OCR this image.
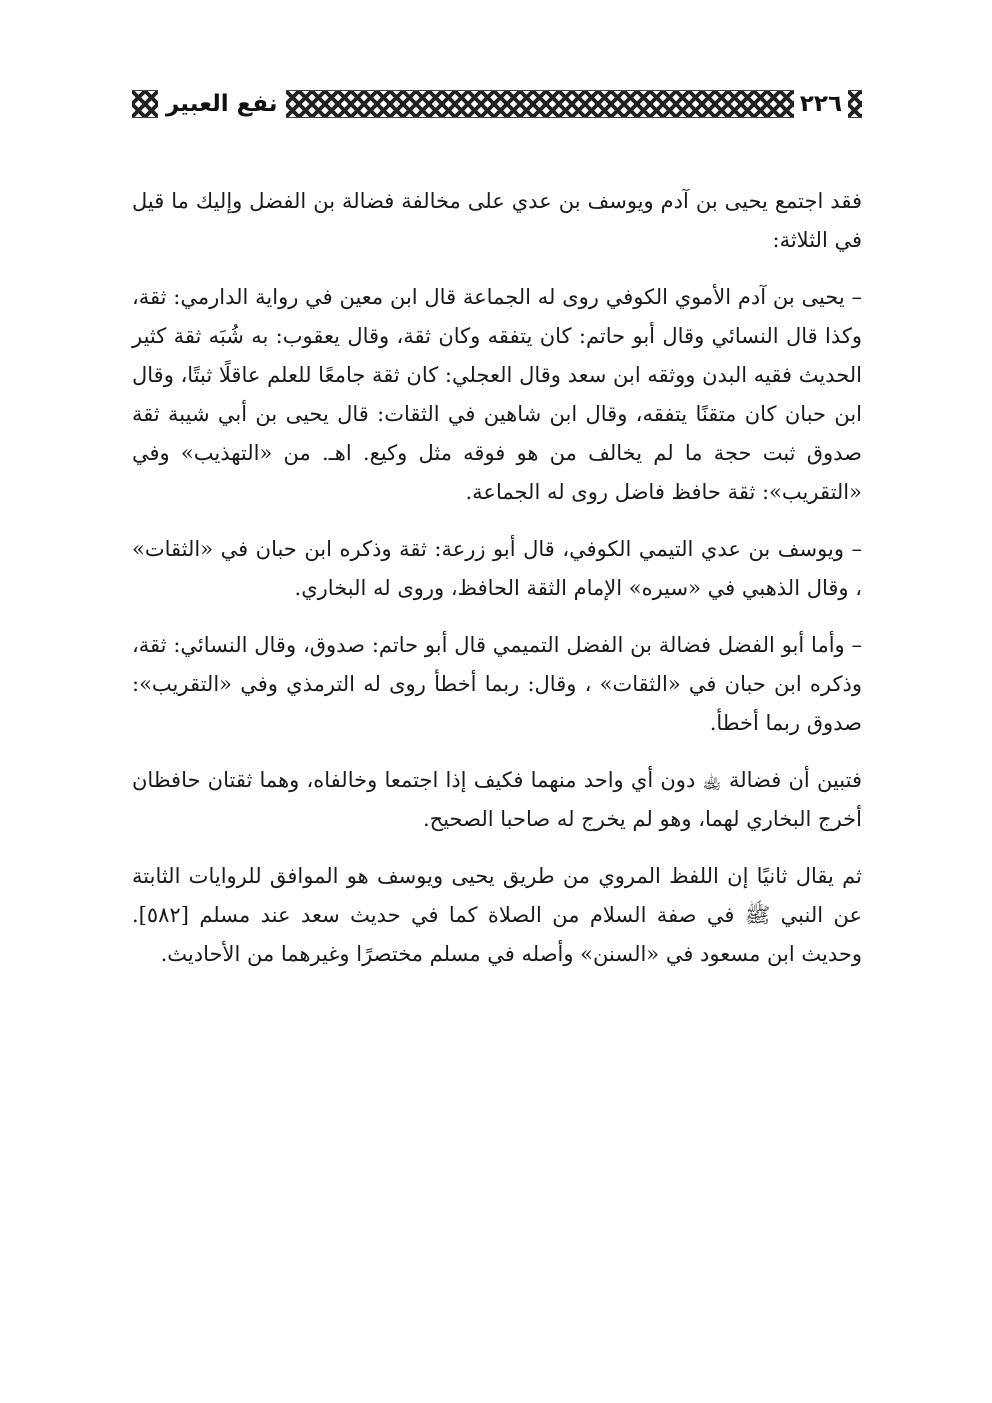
٢٢٦
نفع العبير

فقد اجتمع يحيى بن آدم ويوسف بن عدي على مخالفة فضالة بن الفضل وإليك ما قيل في الثلاثة:

– يحيى بن آدم الأموي الكوفي روى له الجماعة قال ابن معين في رواية الدارمي: ثقة، وكذا قال النسائي وقال أبو حاتم: كان يتفقه وكان ثقة، وقال يعقوب: به شُبَه ثقة كثير الحديث فقيه البدن ووثقه ابن سعد وقال العجلي: كان ثقة جامعًا للعلم عاقلًا ثبتًا، وقال ابن حبان كان متقنًا يتفقه، وقال ابن شاهين في الثقات: قال يحيى بن أبي شيبة ثقة صدوق ثبت حجة ما لم يخالف من هو فوقه مثل وكيع. اهـ. من «التهذيب» وفي «التقريب»: ثقة حافظ فاضل روى له الجماعة.

– ويوسف بن عدي التيمي الكوفي، قال أبو زرعة: ثقة وذكره ابن حبان في «الثقات» ، وقال الذهبي في «سيره» الإمام الثقة الحافظ، وروى له البخاري.

– وأما أبو الفضل فضالة بن الفضل التميمي قال أبو حاتم: صدوق، وقال النسائي: ثقة، وذكره ابن حبان في «الثقات» ، وقال: ربما أخطأ روى له الترمذي وفي «التقريب»: صدوق ربما أخطأ.

فتبين أن فضالة ﵀ دون أي واحد منهما فكيف إذا اجتمعا وخالفاه، وهما ثقتان حافظان أخرج البخاري لهما، وهو لم يخرج له صاحبا الصحيح.

ثم يقال ثانيًا إن اللفظ المروي من طريق يحيى ويوسف هو الموافق للروايات الثابتة عن النبي ﷺ في صفة السلام من الصلاة كما في حديث سعد عند مسلم [٥٨٢]. وحديث ابن مسعود في «السنن» وأصله في مسلم مختصرًا وغيرهما من الأحاديث.
